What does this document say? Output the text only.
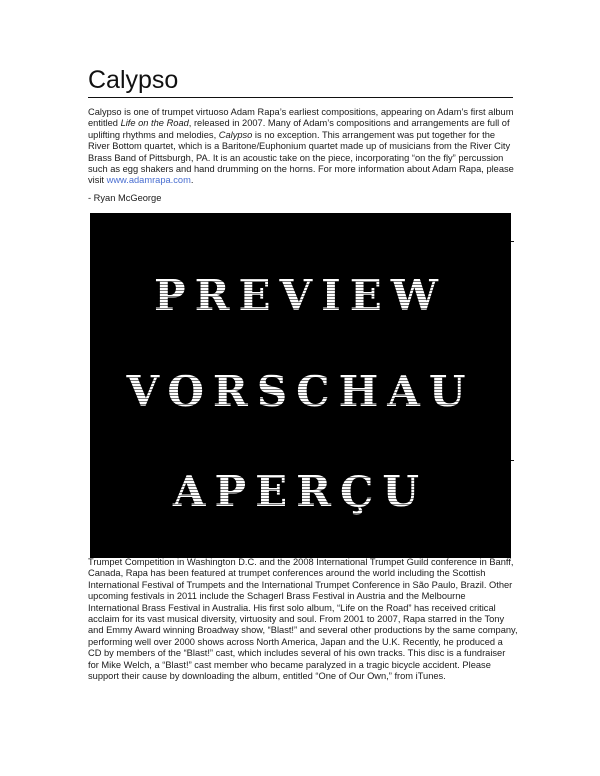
Calypso

Calypso is one of trumpet virtuoso Adam Rapa’s earliest compositions, appearing on Adam’s first album entitled Life on the Road, released in 2007. Many of Adam’s compositions and arrangements are full of uplifting rhythms and melodies, Calypso is no exception. This arrangement was put together for the River Bottom quartet, which is a Baritone/Euphonium quartet made up of musicians from the River City Brass Band of Pittsburgh, PA. It is an acoustic take on the piece, incorporating “on the fly” percussion such as egg shakers and hand drumming on the horns. For more information about Adam Rapa, please visit www.adamrapa.com.

- Ryan McGeorge

PREVIEW
VORSCHAU
APERÇU

Trumpet Competition in Washington D.C. and the 2008 International Trumpet Guild conference in Banff, Canada, Rapa has been featured at trumpet conferences around the world including the Scottish International Festival of Trumpets and the International Trumpet Conference in São Paulo, Brazil. Other upcoming festivals in 2011 include the Schagerl Brass Festival in Austria and the Melbourne International Brass Festival in Australia. His first solo album, “Life on the Road” has received critical acclaim for its vast musical diversity, virtuosity and soul. From 2001 to 2007, Rapa starred in the Tony and Emmy Award winning Broadway show, “Blast!” and several other productions by the same company, performing well over 2000 shows across North America, Japan and the U.K. Recently, he produced a CD by members of the “Blast!” cast, which includes several of his own tracks. This disc is a fundraiser for Mike Welch, a “Blast!” cast member who became paralyzed in a tragic bicycle accident. Please support their cause by downloading the album, entitled “One of Our Own,” from iTunes.
